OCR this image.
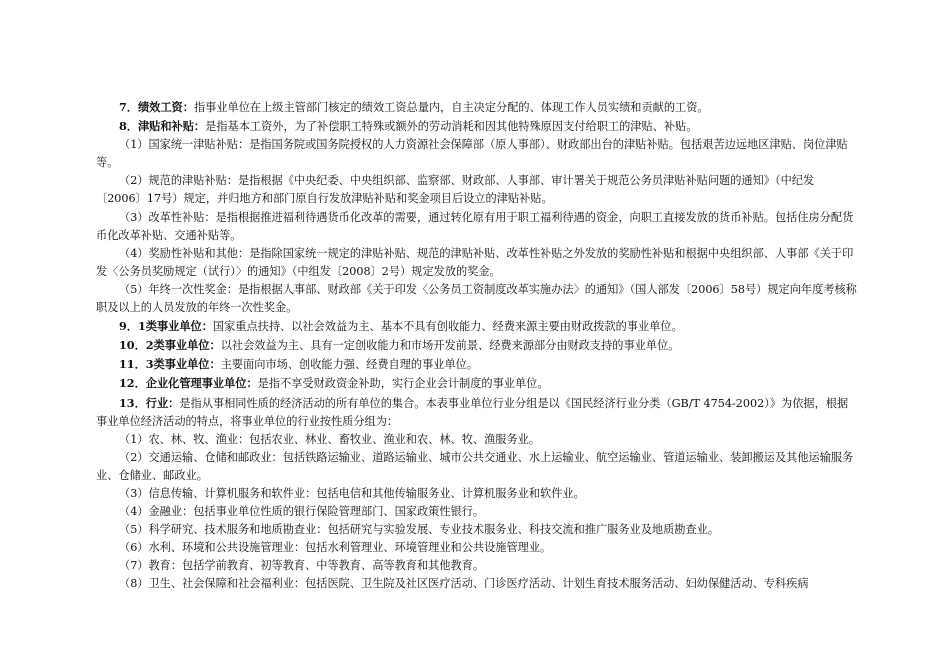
7．绩效工资：指事业单位在上级主管部门核定的绩效工资总量内，自主决定分配的、体现工作人员实绩和贡献的工资。

8．津贴和补贴：是指基本工资外，为了补偿职工特殊或额外的劳动消耗和因其他特殊原因支付给职工的津贴、补贴。

（1）国家统一津贴补贴：是指国务院或国务院授权的人力资源社会保障部（原人事部）、财政部出台的津贴补贴。包括艰苦边远地区津贴、岗位津贴等。

（2）规范的津贴补贴：是指根据《中央纪委、中央组织部、监察部、财政部、人事部、审计署关于规范公务员津贴补贴问题的通知》（中纪发〔2006〕17号）规定，并归地方和部门原自行发放津贴补贴和奖金项目后设立的津贴补贴。

（3）改革性补贴：是指根据推进福利待遇货币化改革的需要，通过转化原有用于职工福利待遇的资金，向职工直接发放的货币补贴。包括住房分配货币化改革补贴、交通补贴等。

（4）奖励性补贴和其他：是指除国家统一规定的津贴补贴、规范的津贴补贴、改革性补贴之外发放的奖励性补贴和根据中央组织部、人事部《关于印发〈公务员奖励规定（试行）〉的通知》（中组发〔2008〕2号）规定发放的奖金。

（5）年终一次性奖金：是指根据人事部、财政部《关于印发〈公务员工资制度改革实施办法〉的通知》（国人部发〔2006〕58号）规定向年度考核称职及以上的人员发放的年终一次性奖金。

9．1类事业单位：国家重点扶持、以社会效益为主、基本不具有创收能力、经费来源主要由财政拨款的事业单位。

10．2类事业单位：以社会效益为主、具有一定创收能力和市场开发前景、经费来源部分由财政支持的事业单位。

11．3类事业单位：主要面向市场、创收能力强、经费自理的事业单位。

12．企业化管理事业单位：是指不享受财政资金补助，实行企业会计制度的事业单位。

13．行业：是指从事相同性质的经济活动的所有单位的集合。本表事业单位行业分组是以《国民经济行业分类（GB/T 4754-2002）》为依据，根据事业单位经济活动的特点，将事业单位的行业按性质分组为：

（1）农、林、牧、渔业：包括农业、林业、畜牧业、渔业和农、林、牧、渔服务业。

（2）交通运输、仓储和邮政业：包括铁路运输业、道路运输业、城市公共交通业、水上运输业、航空运输业、管道运输业、装卸搬运及其他运输服务业、仓储业、邮政业。

（3）信息传输、计算机服务和软件业：包括电信和其他传输服务业、计算机服务业和软件业。

（4）金融业：包括事业单位性质的银行保险管理部门、国家政策性银行。

（5）科学研究、技术服务和地质勘查业：包括研究与实验发展、专业技术服务业、科技交流和推广服务业及地质勘查业。

（6）水利、环境和公共设施管理业：包括水利管理业、环境管理业和公共设施管理业。

（7）教育：包括学前教育、初等教育、中等教育、高等教育和其他教育。

（8）卫生、社会保障和社会福利业：包括医院、卫生院及社区医疗活动、门诊医疗活动、计划生育技术服务活动、妇幼保健活动、专科疾病
